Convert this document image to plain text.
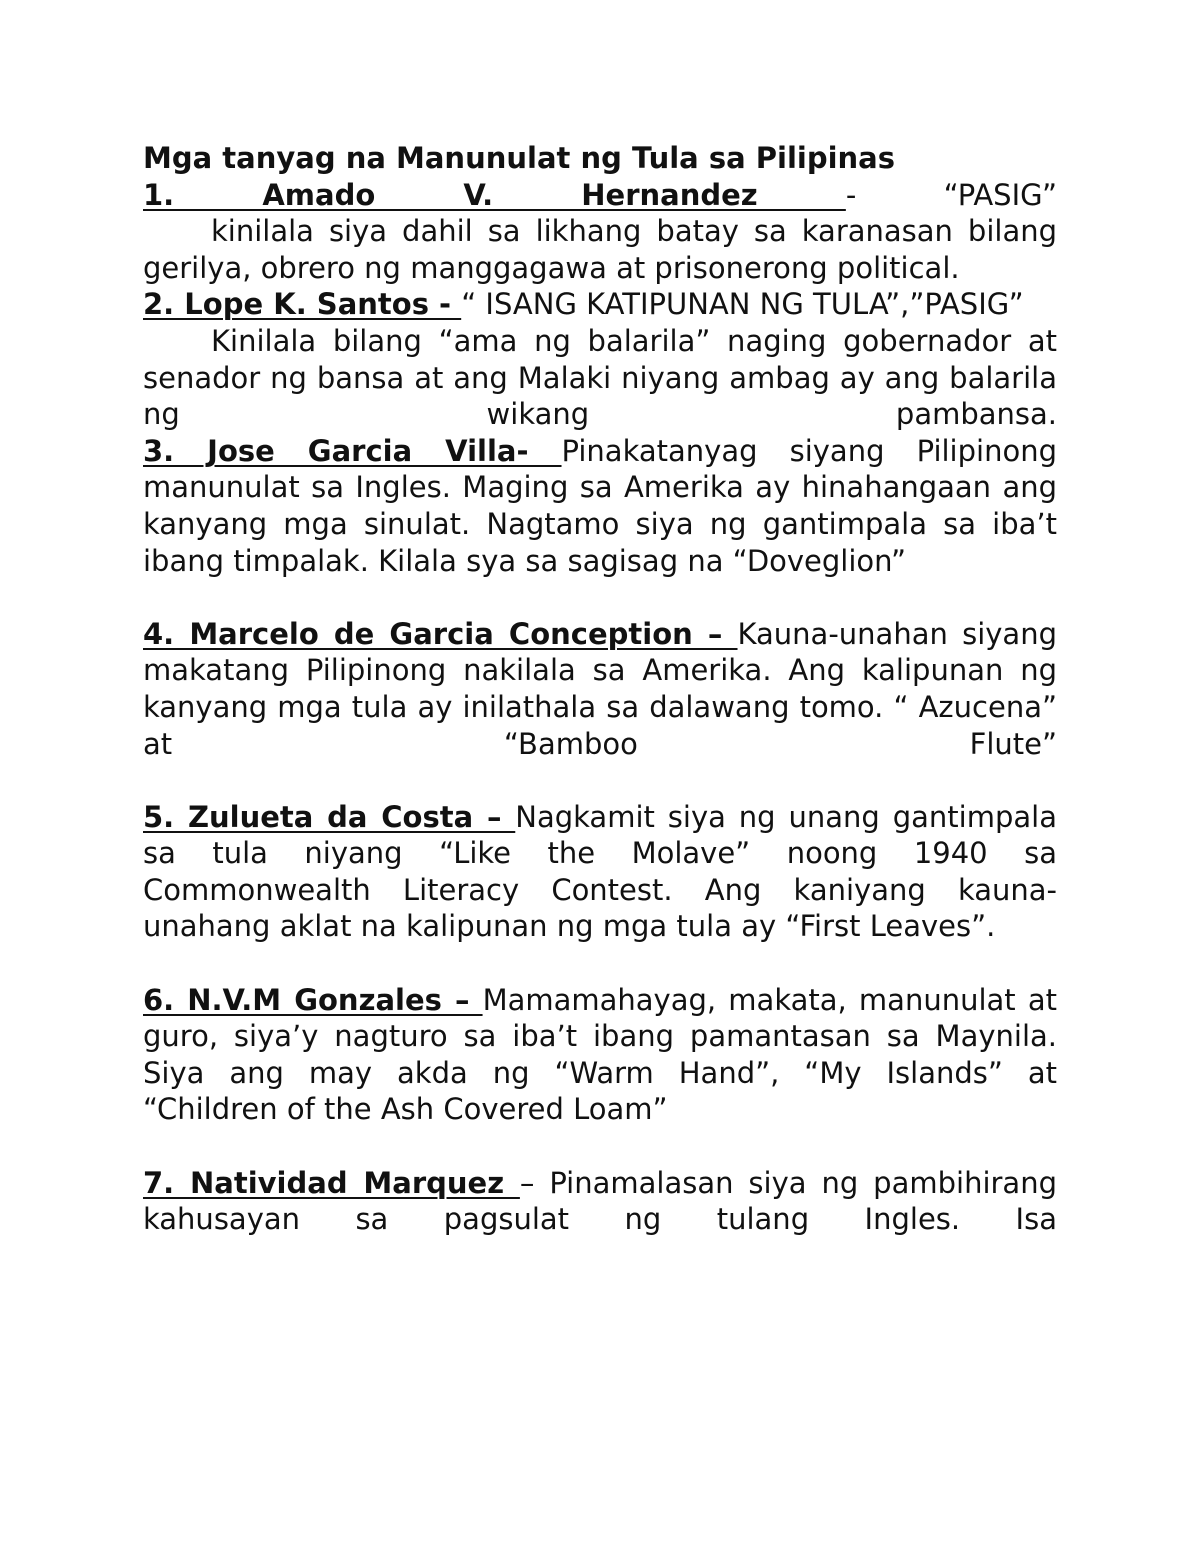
Mga tanyag na Manunulat ng Tula sa Pilipinas

1. Amado V. Hernandez - “PASIG”

kinilala siya dahil sa likhang batay sa karanasan bilang gerilya, obrero ng manggagawa at prisonerong political.

2. Lope K. Santos - “ ISANG KATIPUNAN NG TULA”,”PASIG”

Kinilala bilang “ama ng balarila” naging gobernador at senador ng bansa at ang Malaki niyang ambag ay ang balarila ng wikang pambansa.

3. Jose Garcia Villa- Pinakatanyag siyang Pilipinong manunulat sa Ingles. Maging sa Amerika ay hinahangaan ang kanyang mga sinulat. Nagtamo siya ng gantimpala sa iba’t ibang timpalak. Kilala sya sa sagisag na “Doveglion”

4. Marcelo de Garcia Conception – Kauna-unahan siyang makatang Pilipinong nakilala sa Amerika. Ang kalipunan ng kanyang mga tula ay inilathala sa dalawang tomo. “ Azucena” at “Bamboo Flute”

5. Zulueta da Costa – Nagkamit siya ng unang gantimpala sa tula niyang “Like the Molave” noong 1940 sa Commonwealth Literacy Contest. Ang kaniyang kauna-unahang aklat na kalipunan ng mga tula ay “First Leaves”.

6. N.V.M Gonzales – Mamamahayag, makata, manunulat at guro, siya’y nagturo sa iba’t ibang pamantasan sa Maynila. Siya ang may akda ng “Warm Hand”, “My Islands” at “Children of the Ash Covered Loam”

7. Natividad Marquez – Pinamalasan siya ng pambihirang kahusayan sa pagsulat ng tulang Ingles. Isa
